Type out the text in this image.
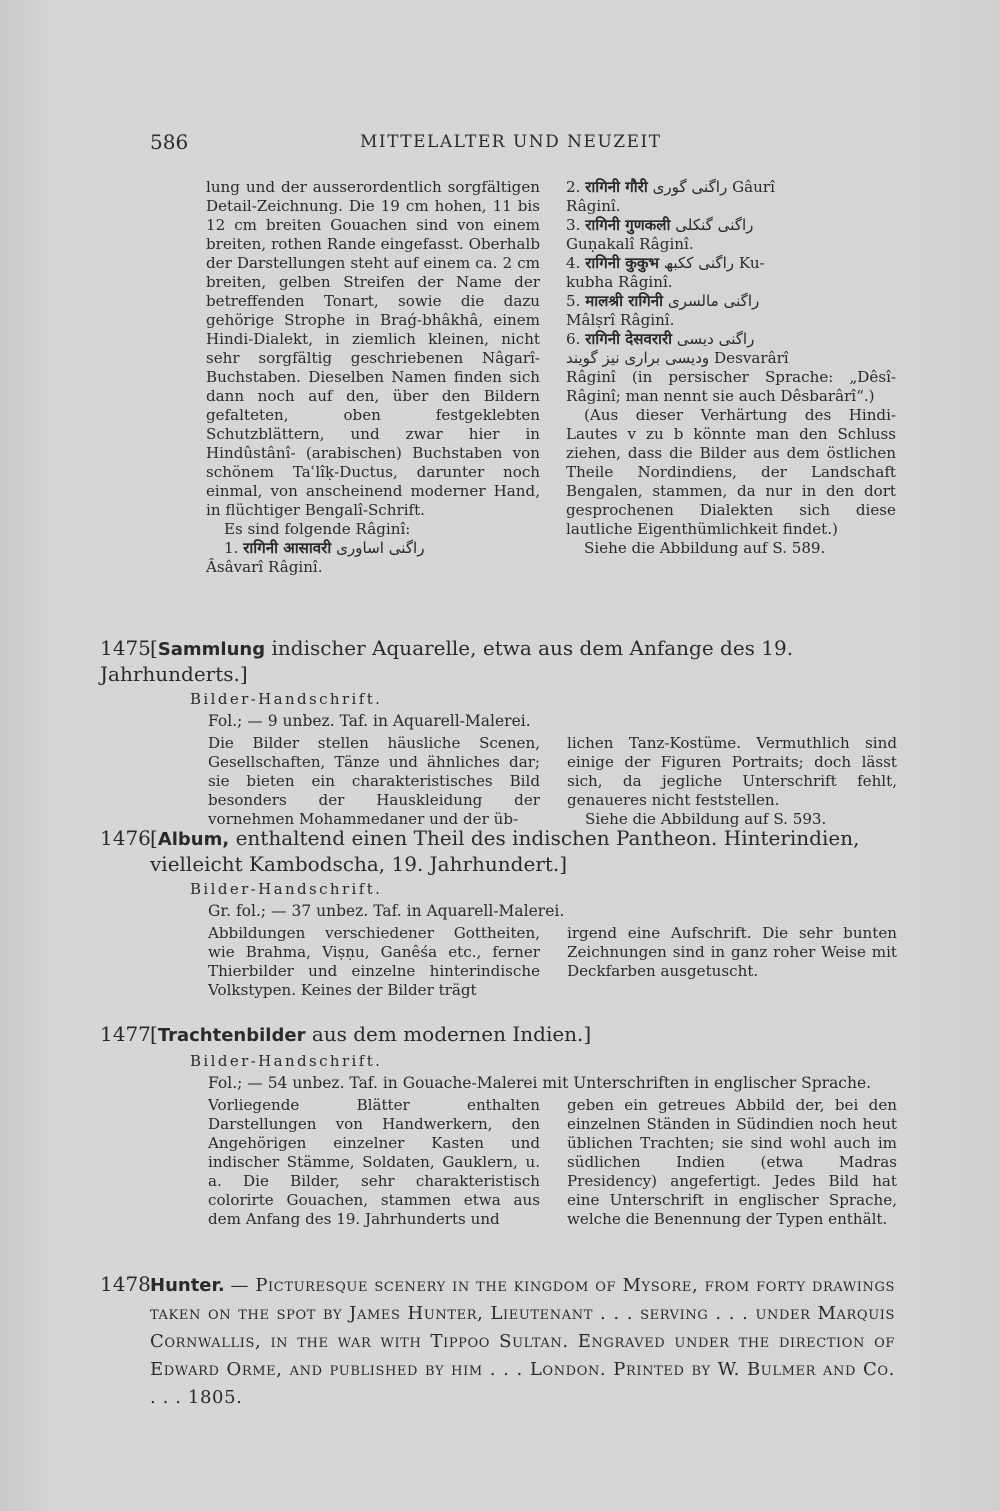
586	MITTELALTER UND NEUZEIT

lung und der ausserordentlich sorgfältigen Detail-Zeichnung. Die 19 cm hohen, 11 bis 12 cm breiten Gouachen sind von einem breiten, rothen Rande eingefasst. Oberhalb der Darstellungen steht auf einem ca. 2 cm breiten, gelben Streifen der Name der betreffenden Tonart, sowie die dazu gehörige Strophe in Braǵ-bhâkhâ, einem Hindi-Dialekt, in ziemlich kleinen, nicht sehr sorgfältig geschriebenen Nâgarî-Buchstaben. Dieselben Namen finden sich dann noch auf den, über den Bildern gefalteten, oben festgeklebten Schutzblättern, und zwar hier in Hindûstânî- (arabischen) Buchstaben von schönem Taʿlîḳ-Ductus, darunter noch einmal, von anscheinend moderner Hand, in flüchtiger Bengalî-Schrift.

Es sind folgende Râginî:

1. रागिनी आसावरी راگنی اساوری

Âsâvarî Râginî.

2. रागिनी गौरी راگنی گوری Gâurî

Râginî.

3. रागिनी गुणकली راگنی گنکلی

Guṇakalî Râginî.

4. रागिनी कुकुभ راگنی ککبھ Ku-

kubha Râginî.

5. मालश्री रागिनी راگنی مالسری

Mâlṣrî Râginî.

6. रागिनी देसवरारी راگنی دیسی

ودیسی براری نیز گویند Desvarârî

Râginî (in persischer Sprache: „Dêsî-Râginî; man nennt sie auch Dêsbarârî“.)

(Aus dieser Verhärtung des Hindi-Lautes v zu b könnte man den Schluss ziehen, dass die Bilder aus dem östlichen Theile Nordindiens, der Landschaft Bengalen, stammen, da nur in den dort gesprochenen Dialekten sich diese lautliche Eigenthümlichkeit findet.)

Siehe die Abbildung auf S. 589.

1475[Sammlung indischer Aquarelle, etwa aus dem Anfange des 19. Jahrhunderts.]
Bilder-Handschrift.
Fol.; — 9 unbez. Taf. in Aquarell-Malerei.
Die Bilder stellen häusliche Scenen, Gesellschaften, Tänze und ähnliches dar; sie bieten ein charakteristisches Bild besonders der Hauskleidung der vornehmen Mohammedaner und der üb-

lichen Tanz-Kostüme. Vermuthlich sind einige der Figuren Portraits; doch lässt sich, da jegliche Unterschrift fehlt, genaueres nicht feststellen.

Siehe die Abbildung auf S. 593.

1476[Album, enthaltend einen Theil des indischen Pantheon. Hinterindien, vielleicht Kambodscha, 19. Jahrhundert.]
Bilder-Handschrift.
Gr. fol.; — 37 unbez. Taf. in Aquarell-Malerei.
Abbildungen verschiedener Gottheiten, wie Brahma, Viṣṇu, Ganêśa etc., ferner Thierbilder und einzelne hinterindische Volkstypen. Keines der Bilder trägt
irgend eine Aufschrift. Die sehr bunten Zeichnungen sind in ganz roher Weise mit Deckfarben ausgetuscht.
1477[Trachtenbilder aus dem modernen Indien.]
Bilder-Handschrift.
Fol.; — 54 unbez. Taf. in Gouache-Malerei mit Unterschriften in englischer Sprache.
Vorliegende Blätter enthalten Darstellungen von Handwerkern, den Angehörigen einzelner Kasten und indischer Stämme, Soldaten, Gauklern, u. a. Die Bilder, sehr charakteristisch colorirte Gouachen, stammen etwa aus dem Anfang des 19. Jahrhunderts und
geben ein getreues Abbild der, bei den einzelnen Ständen in Südindien noch heut üblichen Trachten; sie sind wohl auch im südlichen Indien (etwa Madras Presidency) angefertigt. Jedes Bild hat eine Unterschrift in englischer Sprache, welche die Benennung der Typen enthält.
1478Hunter. — Picturesque scenery in the kingdom of Mysore, from forty drawings taken on the spot by James Hunter, Lieutenant . . . serving . . . under Marquis Cornwallis, in the war with Tippoo Sultan. Engraved under the direction of Edward Orme, and published by him . . . London. Printed by W. Bulmer and Co. . . . 1805.
